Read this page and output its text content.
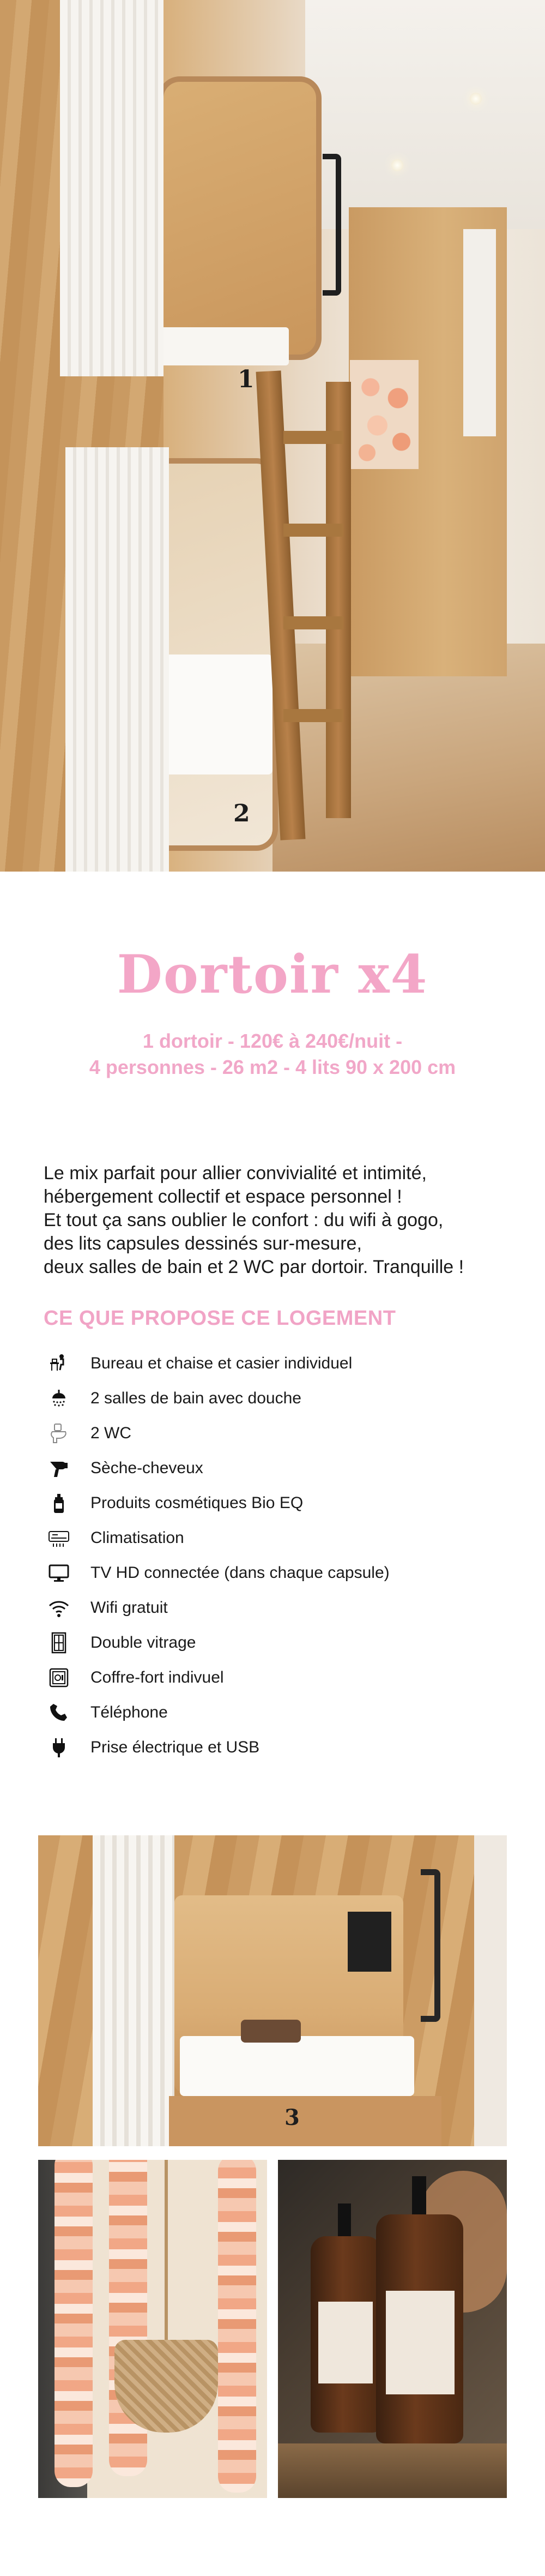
1
2
Dortoir x4
1 dortoir - 120€ à 240€/nuit -
4 personnes - 26 m2 - 4 lits 90 x 200 cm
Le mix parfait pour allier convivialité et intimité,
hébergement collectif et espace personnel !
Et tout ça sans oublier le confort : du wifi à gogo,
des lits capsules dessinés sur-mesure,
deux salles de bain et 2 WC par dortoir. Tranquille !
CE QUE PROPOSE CE LOGEMENT
Bureau et chaise et casier individuel
2 salles de bain avec douche
2 WC
Sèche-cheveux
Produits cosmétiques Bio EQ
Climatisation
TV HD connectée (dans chaque capsule)
Wifi gratuit
Double vitrage
Coffre-fort indivuel
Téléphone
Prise électrique et USB
3
